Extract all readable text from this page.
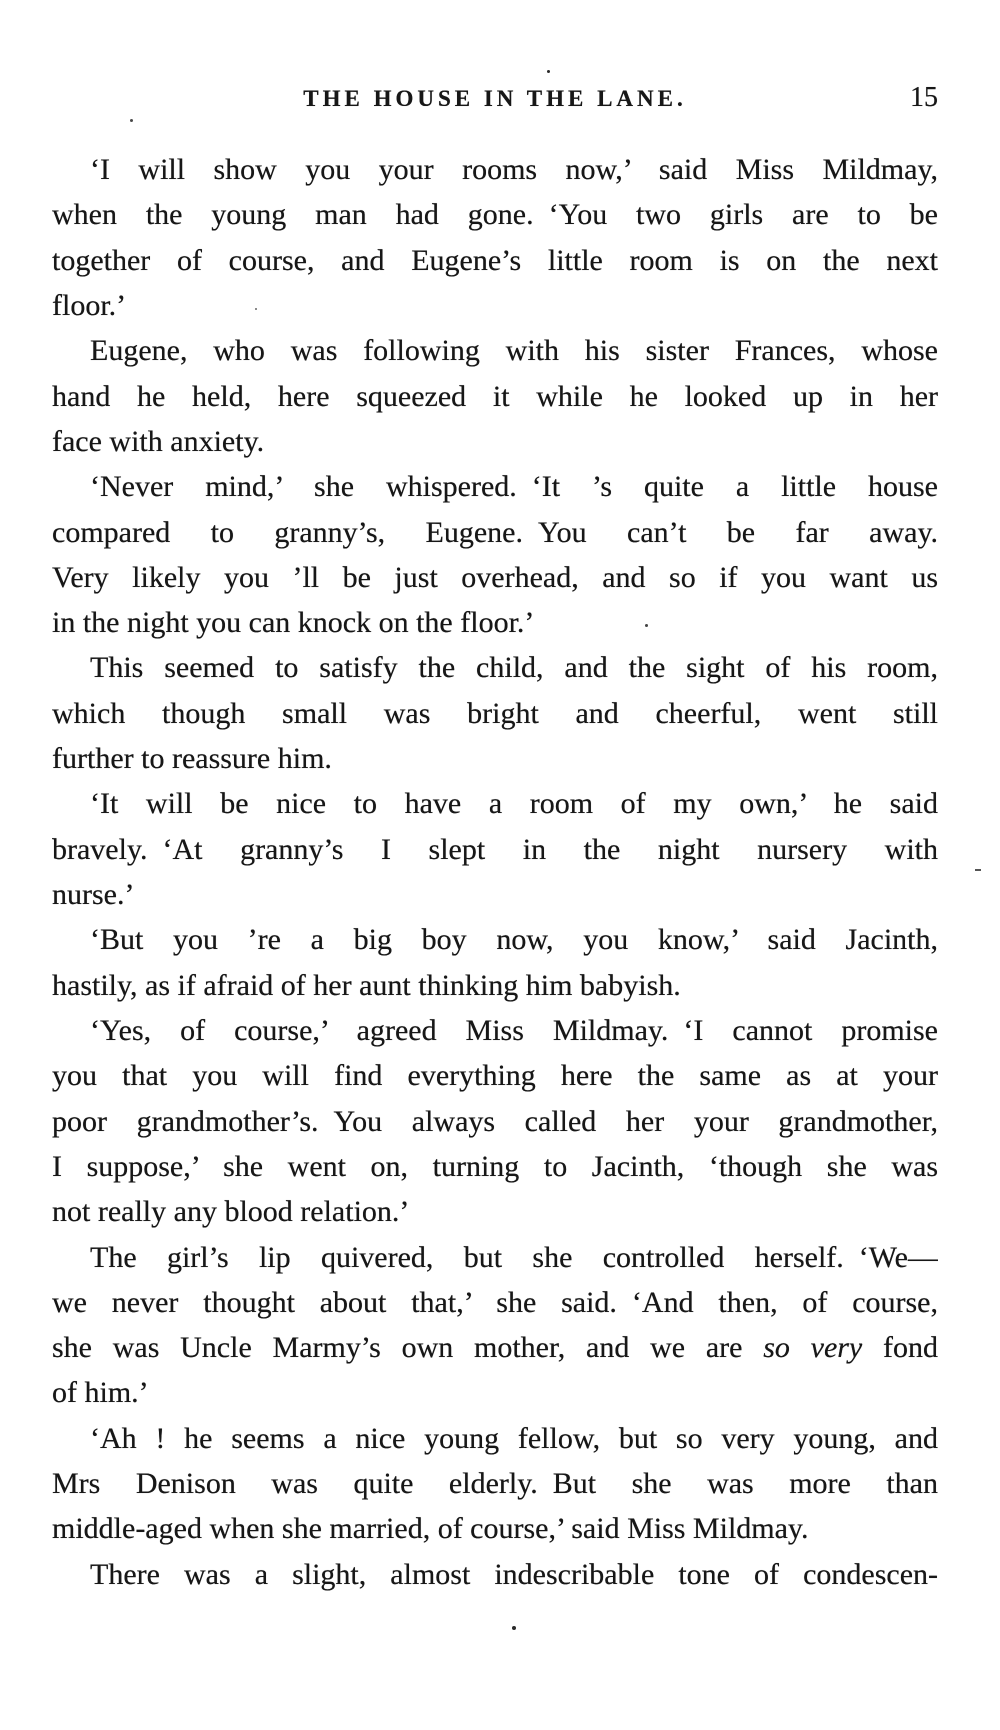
THE HOUSE IN THE LANE.	15
‘I will show you your rooms now,’ said Miss Mildmay,
when the young man had gone. ‘You two girls are to be
together of course, and Eugene’s little room is on the next
floor.’
Eugene, who was following with his sister Frances, whose
hand he held, here squeezed it while he looked up in her
face with anxiety.
‘Never mind,’ she whispered. ‘It ’s quite a little house
compared to granny’s, Eugene. You can’t be far away.
Very likely you ’ll be just overhead, and so if you want us
in the night you can knock on the floor.’
This seemed to satisfy the child, and the sight of his room,
which though small was bright and cheerful, went still
further to reassure him.
‘It will be nice to have a room of my own,’ he said
bravely. ‘At granny’s I slept in the night nursery with
nurse.’
‘But you ’re a big boy now, you know,’ said Jacinth,
hastily, as if afraid of her aunt thinking him babyish.
‘Yes, of course,’ agreed Miss Mildmay. ‘I cannot promise
you that you will find everything here the same as at your
poor grandmother’s. You always called her your grandmother,
I suppose,’ she went on, turning to Jacinth, ‘though she was
not really any blood relation.’
The girl’s lip quivered, but she controlled herself. ‘We—
we never thought about that,’ she said. ‘And then, of course,
she was Uncle Marmy’s own mother, and we are so very fond
of him.’
‘Ah ! he seems a nice young fellow, but so very young, and
Mrs Denison was quite elderly. But she was more than
middle-aged when she married, of course,’ said Miss Mildmay.
There was a slight, almost indescribable tone of condescen-
